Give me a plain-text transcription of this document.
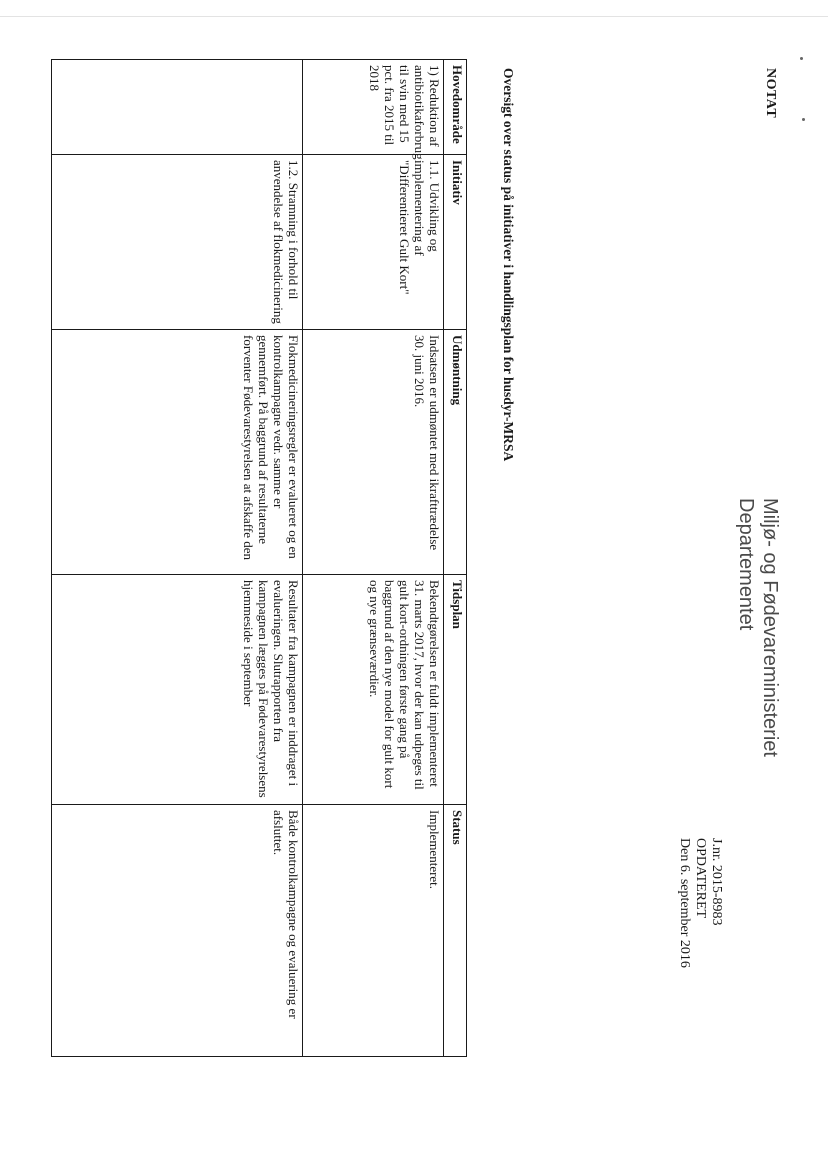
NOTAT
Miljø- og Fødevareministeriet
Departementet
J.nr. 2015-8983
OPDATERET
Den 6. september 2016
Oversigt over status på initiativer i handlingsplan for husdyr-MRSA
Hovedområde	Initiativ	Udmøntning	Tidsplan	Status
1) Reduktion af antibiotikaforbrug til svin med 15 pct. fra 2015 til 2018	1.1. Udvikling og implementering af "Differentieret Gult Kort"	Indsatsen er udmøntet med ikrafttrædelse 30. juni 2016.	Bekendtgørelsen er fuldt implementeret 31. marts 2017, hvor der kan udpeges til gult kort-ordningen første gang på baggrund af den nye model for gult kort og nye grænseværdier.	Implementeret.
	1.2. Stramning i forhold til anvendelse af flokmedicinering	Flokmedicineringsregler er evalueret og en kontrolkampagne vedr. samme er gennemført. På baggrund af resultaterne forventer Fødevarestyrelsen at afskaffe den	Resultater fra kampagnen er inddraget i evalueringen. Slutrapporten fra kampagnen lægges på Fødevarestyrelsens hjemmeside i september	Både kontrolkampagne og evaluering er afsluttet.
